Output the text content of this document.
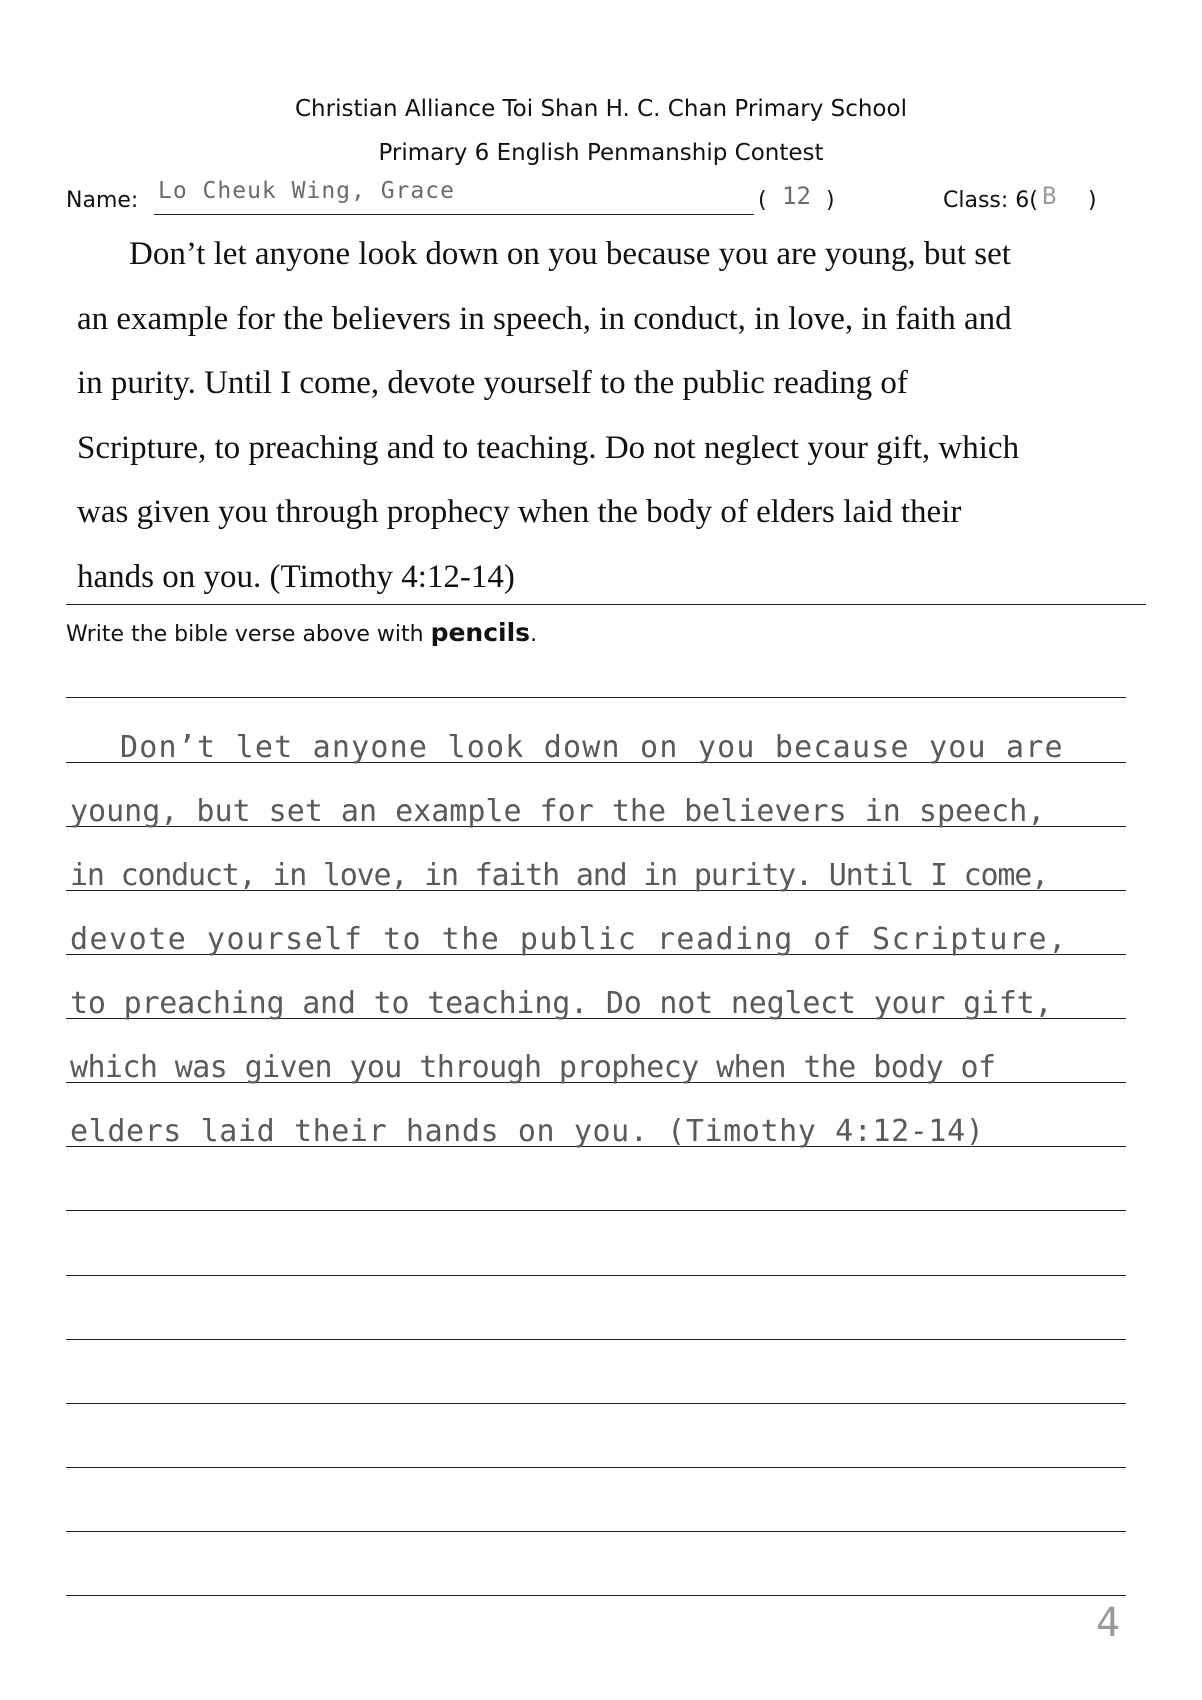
Christian Alliance Toi Shan H. C. Chan Primary School
Primary 6 English Penmanship Contest
Name: Lo Cheuk Wing, Grace	( 12 )	Class: 6( B )
Don’t let anyone look down on you because you are young, but set
an example for the believers in speech, in conduct, in love, in faith and
in purity. Until I come, devote yourself to the public reading of
Scripture, to preaching and to teaching. Do not neglect your gift, which
was given you through prophecy when the body of elders laid their
hands on you. (Timothy 4:12-14)
Write the bible verse above with pencils.
Don’t let anyone look down on you because you are
young, but set an example for the believers in speech,
in conduct, in love, in faith and in purity. Until I come,
devote yourself to the public reading of Scripture,
to preaching and to teaching. Do not neglect your gift,
which was given you through prophecy when the body of
elders laid their hands on you. (Timothy 4:12-14)
4
